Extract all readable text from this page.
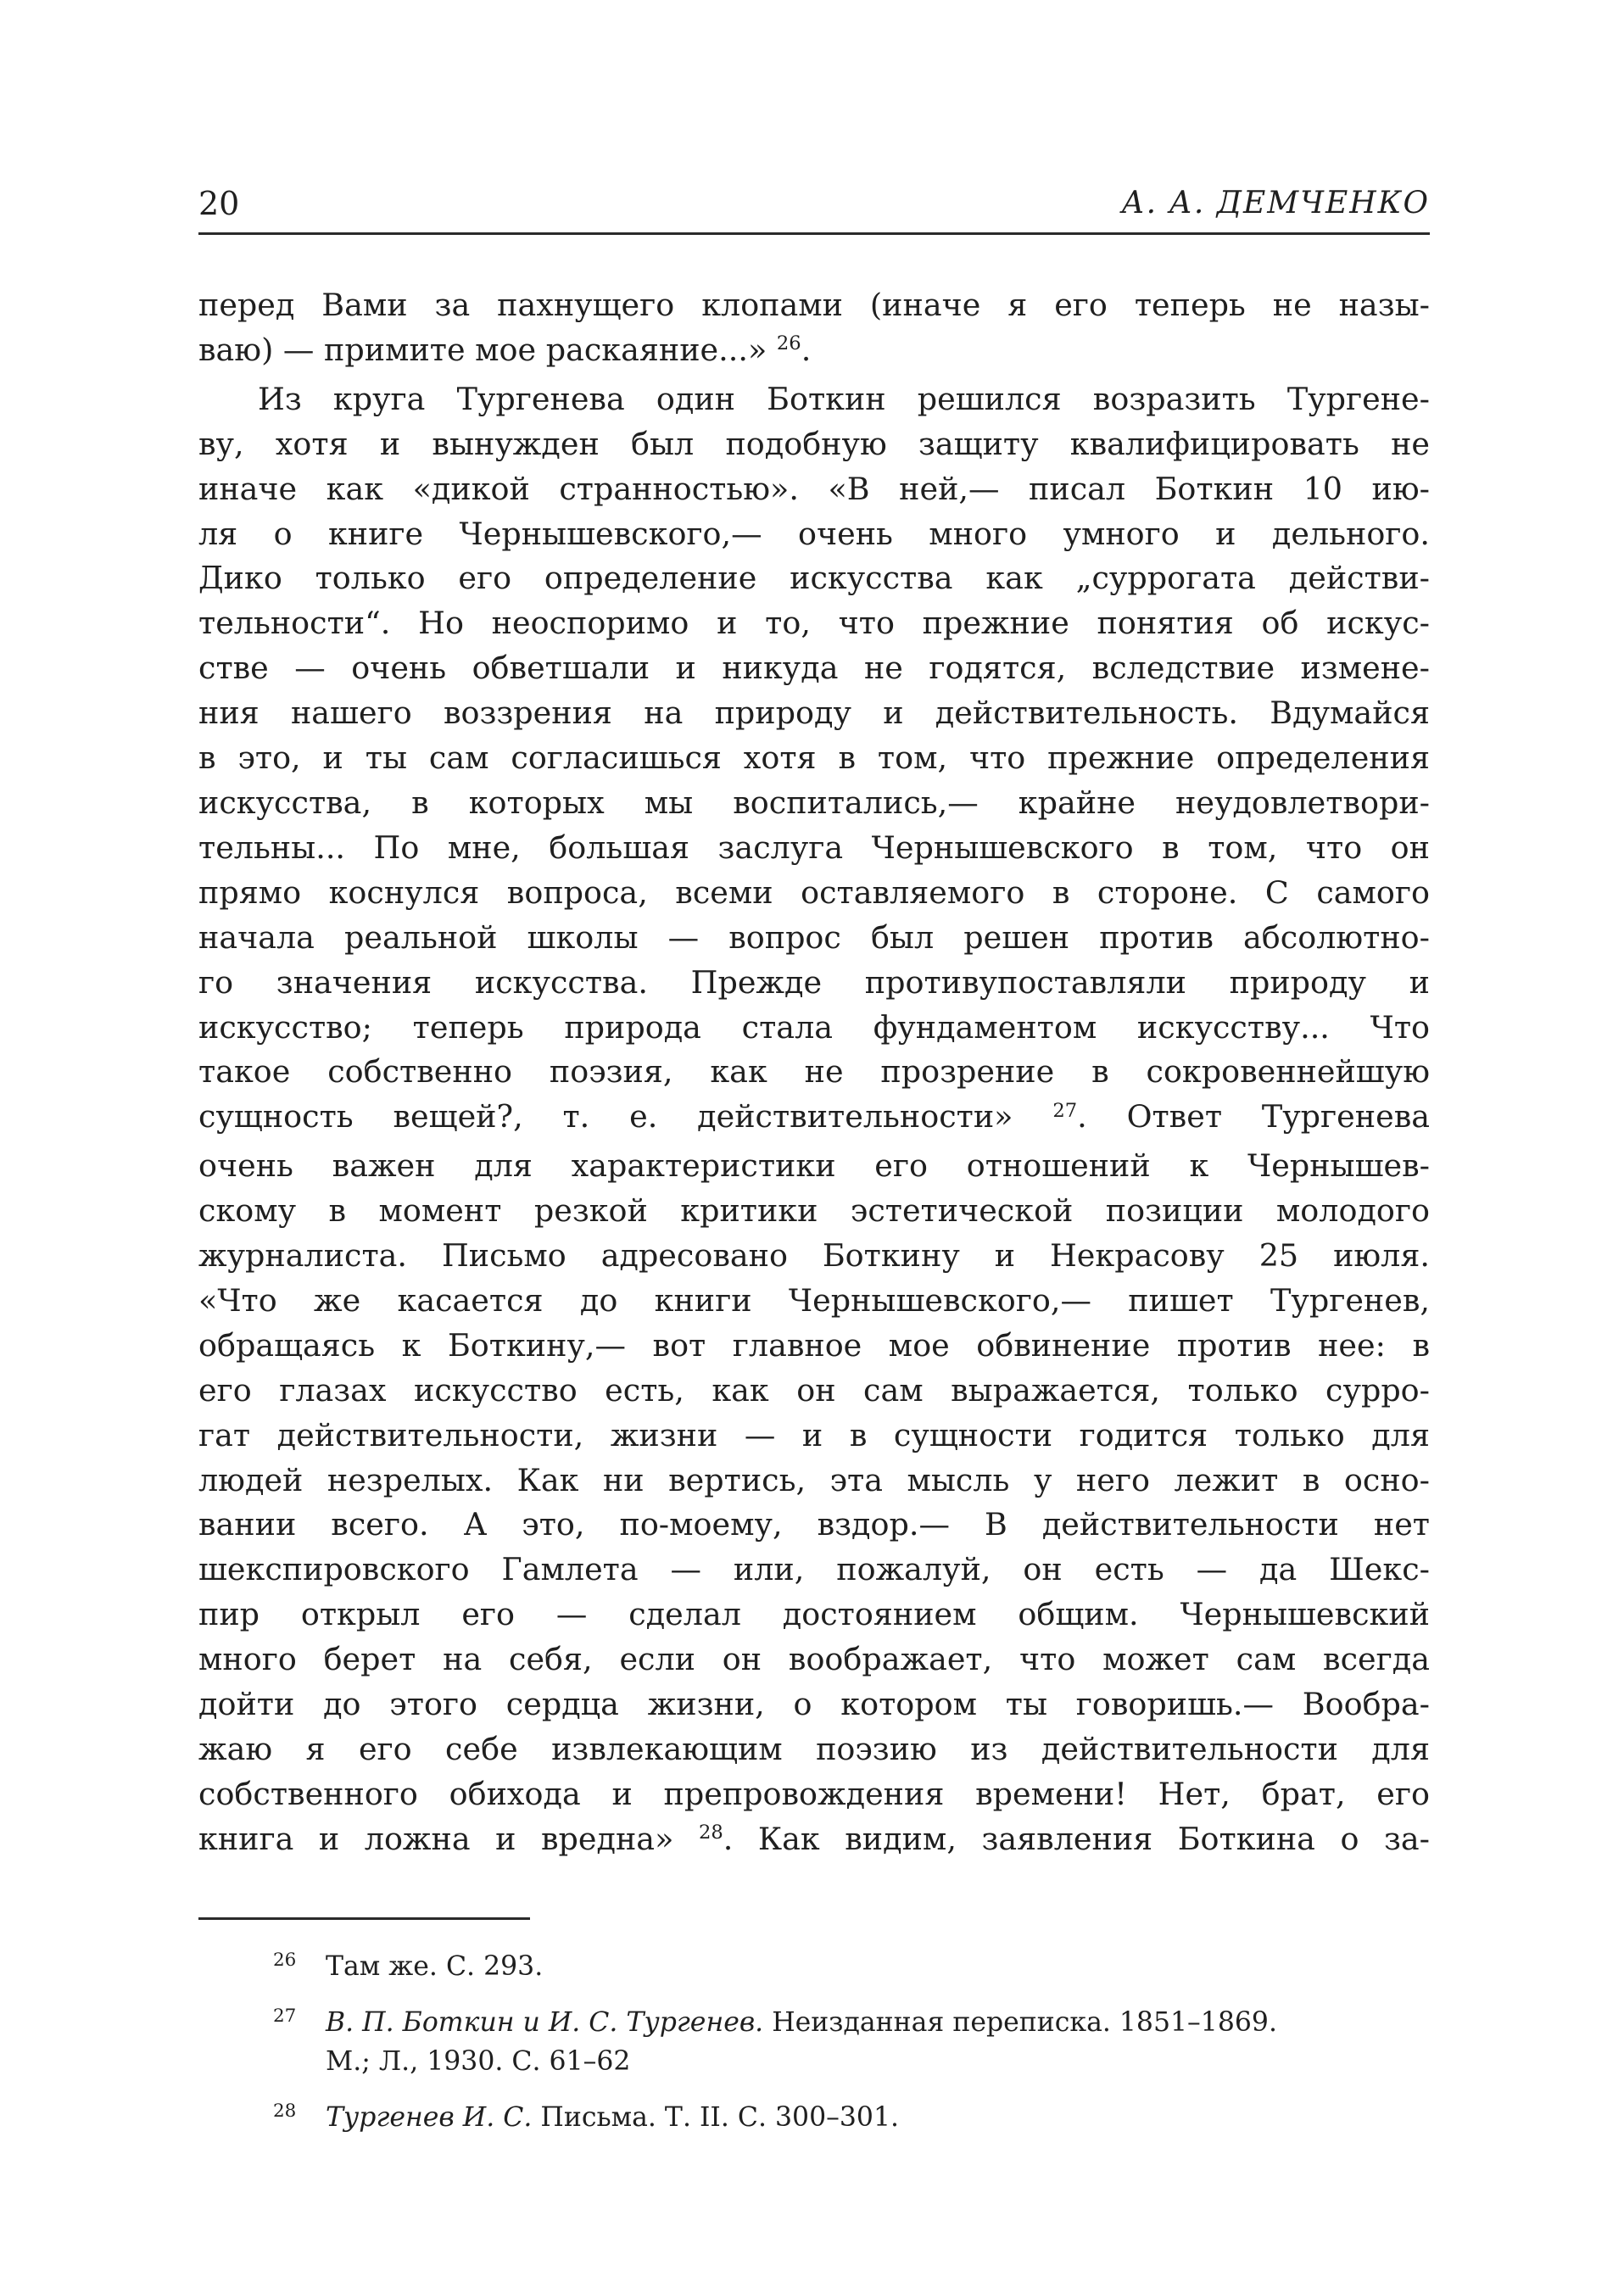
20	А. А. ДЕМЧЕНКО
перед Вами за пахнущего клопами (иначе я его теперь не назы-
ваю) — примите мое раскаяние...» $^{26}$.
Из круга Тургенева один Боткин решился возразить Тургене-
ву, хотя и вынужден был подобную защиту квалифицировать не
иначе как «дикой странностью». «В ней,— писал Боткин 10 ию-
ля о книге Чернышевского,— очень много умного и дельного.
Дико только его определение искусства как „суррогата действи-
тельности“. Но неоспоримо и то, что прежние понятия об искус-
стве — очень обветшали и никуда не годятся, вследствие измене-
ния нашего воззрения на природу и действительность. Вдумайся
в это, и ты сам согласишься хотя в том, что прежние определения
искусства, в которых мы воспитались,— крайне неудовлетвори-
тельны... По мне, большая заслуга Чернышевского в том, что он
прямо коснулся вопроса, всеми оставляемого в стороне. С самого
начала реальной школы — вопрос был решен против абсолютно-
го значения искусства. Прежде противупоставляли природу и
искусство; теперь природа стала фундаментом искусству... Что
такое собственно поэзия, как не прозрение в сокровеннейшую
сущность вещей?, т. е. действительности» $^{27}$. Ответ Тургенева
очень важен для характеристики его отношений к Чернышев-
скому в момент резкой критики эстетической позиции молодого
журналиста. Письмо адресовано Боткину и Некрасову 25 июля.
«Что же касается до книги Чернышевского,— пишет Тургенев,
обращаясь к Боткину,— вот главное мое обвинение против нее: в
его глазах искусство есть, как он сам выражается, только суррo-
гат действительности, жизни — и в сущности годится только для
людей незрелых. Как ни вертись, эта мысль у него лежит в осно-
вании всего. А это, по-моему, вздор.— В действительности нет
шекспировского Гамлета — или, пожалуй, он есть — да Шекс-
пир открыл его — сделал достоянием общим. Чернышевский
много берет на себя, если он воображает, что может сам всегда
дойти до этого сердца жизни, о котором ты говоришь.— Вообра-
жаю я его себе извлекающим поэзию из действительности для
собственного обихода и препровождения времени! Нет, брат, его
книга и ложна и вредна» $^{28}$. Как видим, заявления Боткина о за-
26 Там же. С. 293.
27 В. П. Боткин и И. С. Тургенев. Неизданная переписка. 1851–1869.
М.; Л., 1930. С. 61–62
28 Тургенев И. С. Письма. Т. II. С. 300–301.
